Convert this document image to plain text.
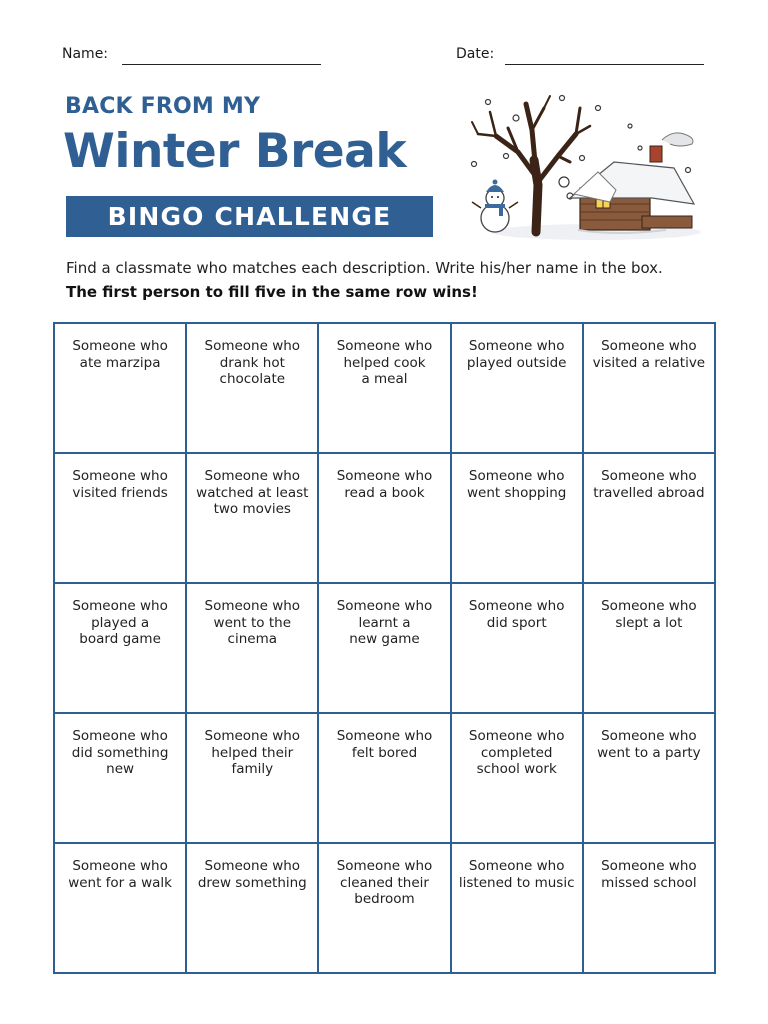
Name:	Date:
BACK FROM MY
Winter Break
BINGO CHALLENGE
Find a classmate who matches each description. Write his/her name in the box.
The first person to fill five in the same row wins!
Someone who
ate marzipa
Someone who
drank hot
chocolate
Someone who
helped cook
a meal
Someone who
played outside
Someone who
visited a relative
Someone who
visited friends
Someone who
watched at least
two movies
Someone who
read a book
Someone who
went shopping
Someone who
travelled abroad
Someone who
played a
board game
Someone who
went to the
cinema
Someone who
learnt a
new game
Someone who
did sport
Someone who
slept a lot
Someone who
did something
new
Someone who
helped their
family
Someone who
felt bored
Someone who
completed
school work
Someone who
went to a party
Someone who
went for a walk
Someone who
drew something
Someone who
cleaned their
bedroom
Someone who
listened to music
Someone who
missed school
